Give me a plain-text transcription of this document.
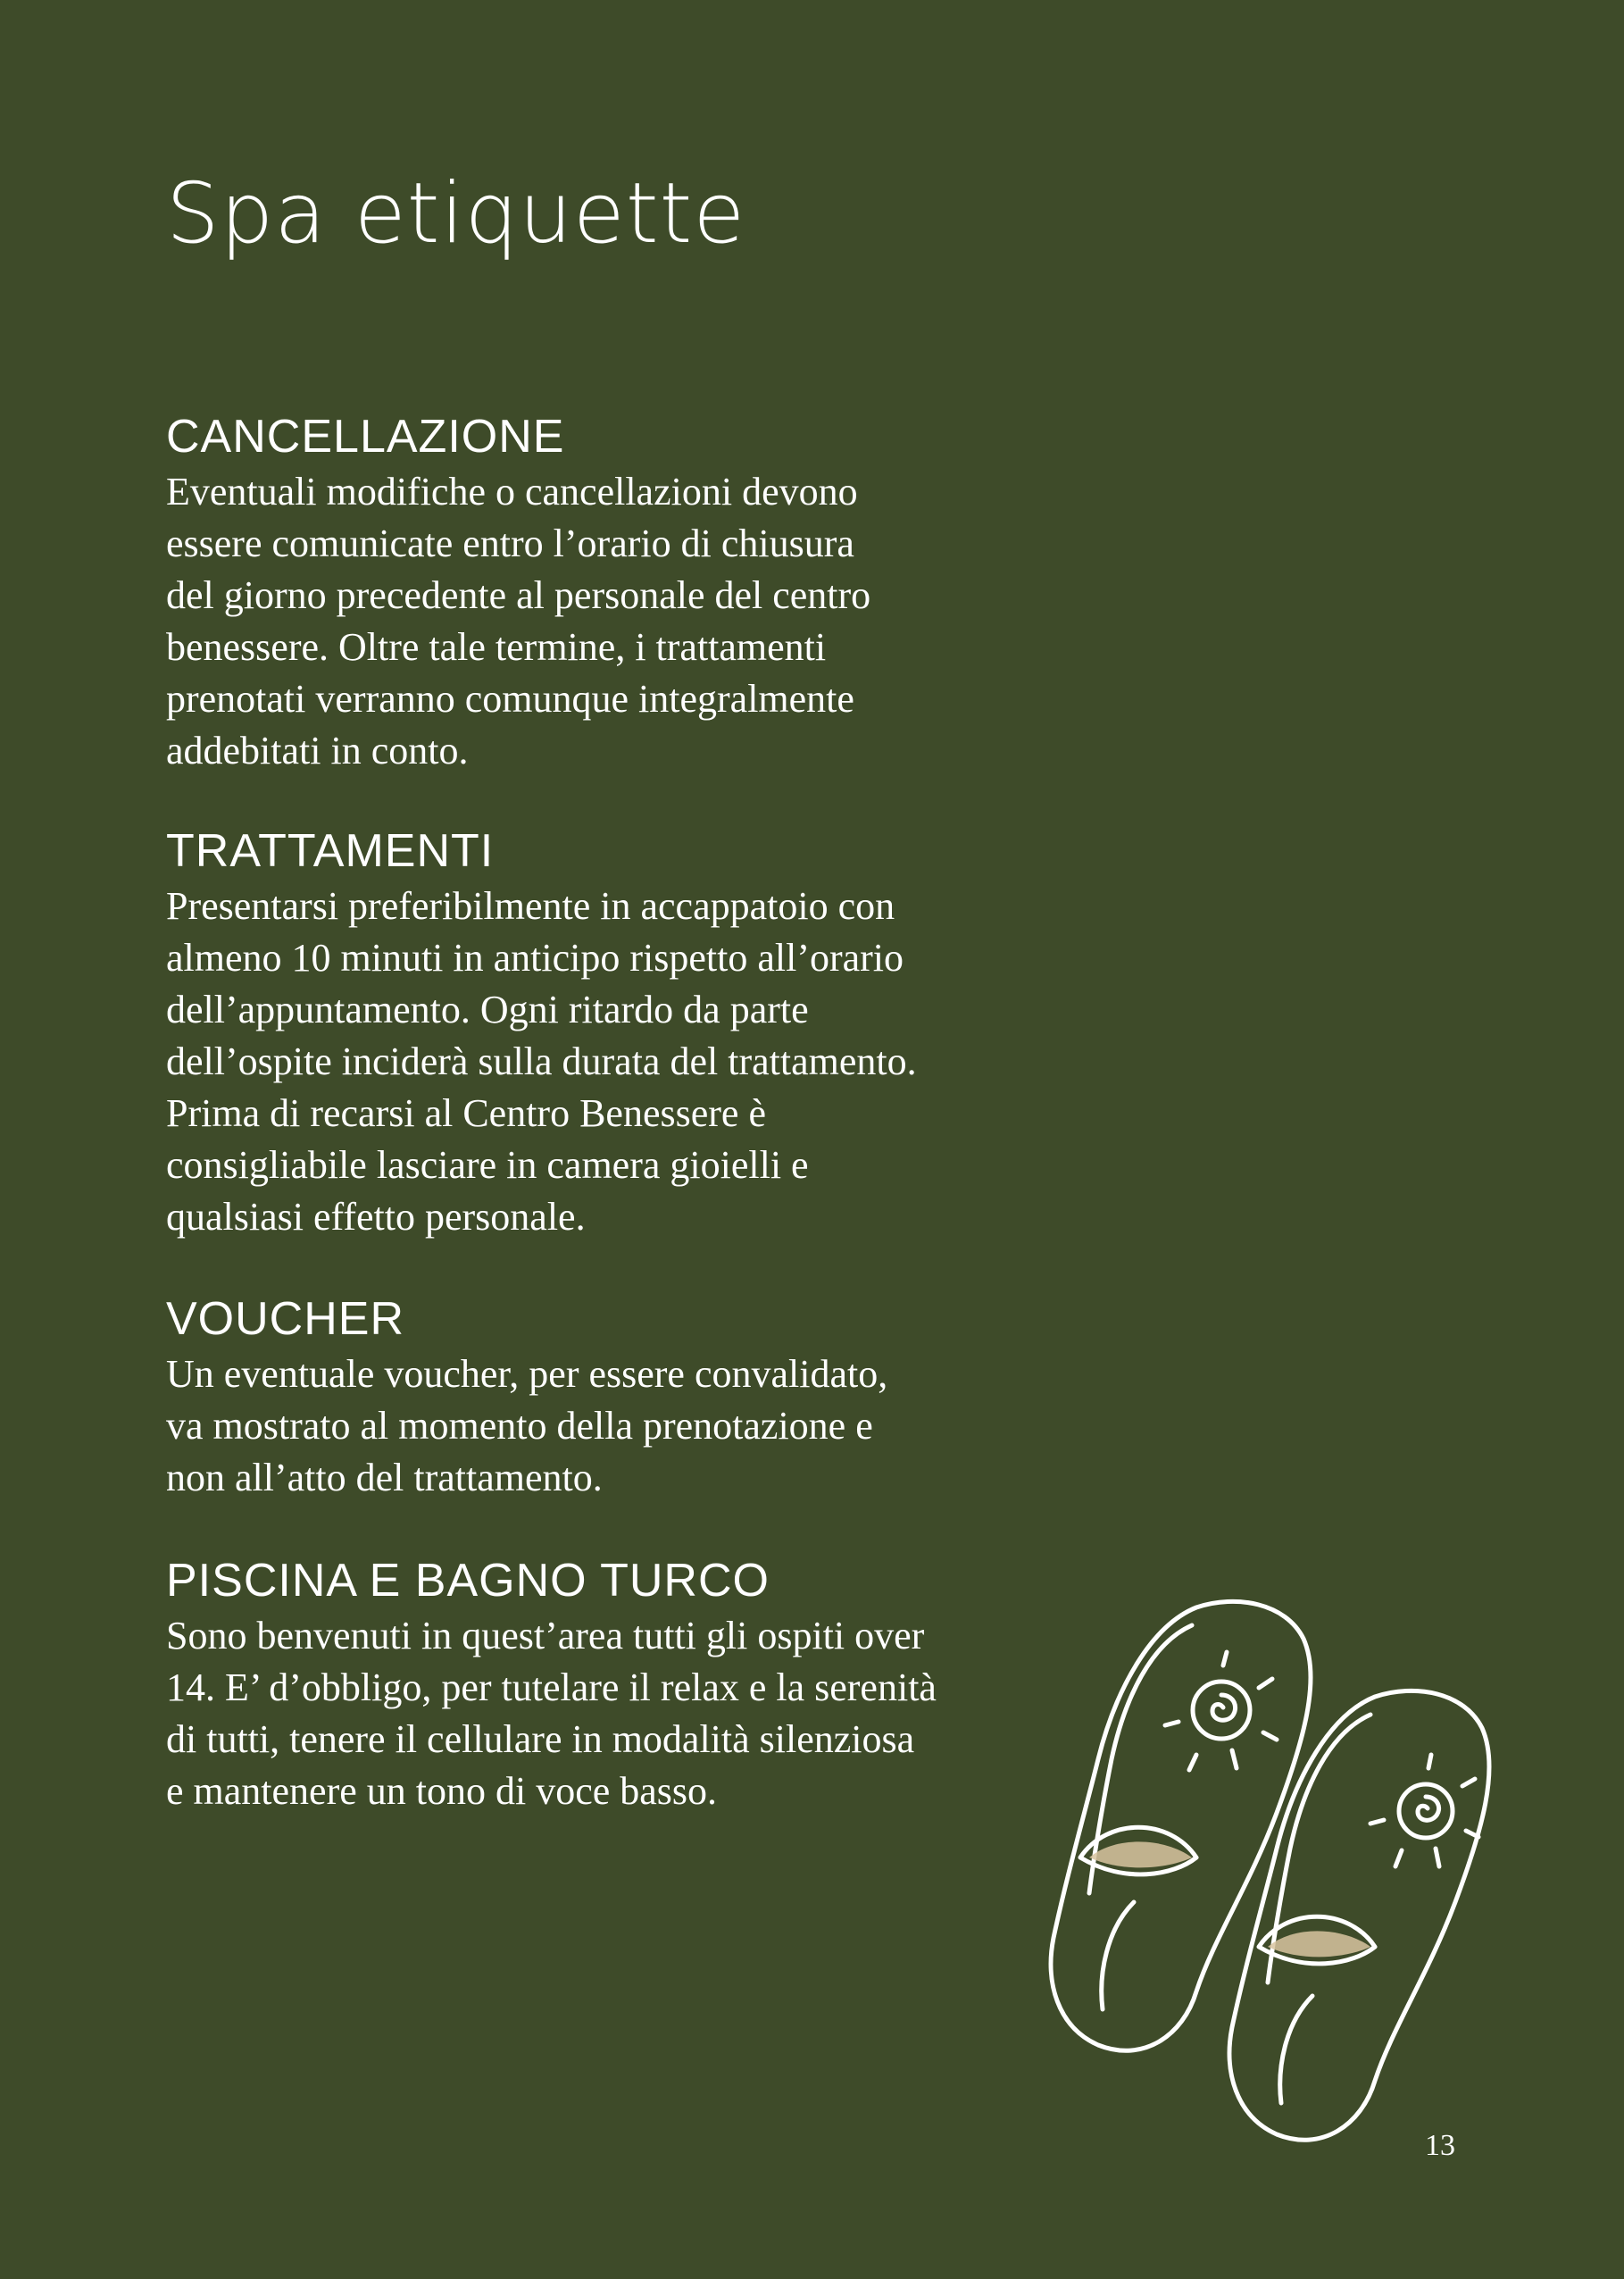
Spa etiquette
CANCELLAZIONE

Eventuali modifiche o cancellazioni devono
essere comunicate entro l’orario di chiusura
del giorno precedente al personale del centro
benessere. Oltre tale termine, i trattamenti
prenotati verranno comunque integralmente
addebitati in conto.

TRATTAMENTI

Presentarsi preferibilmente in accappatoio con
almeno 10 minuti in anticipo rispetto all’orario
dell’appuntamento. Ogni ritardo da parte
dell’ospite inciderà sulla durata del trattamento.
Prima di recarsi al Centro Benessere è
consigliabile lasciare in camera gioielli e
qualsiasi effetto personale.

VOUCHER

Un eventuale voucher, per essere convalidato,
va mostrato al momento della prenotazione e
non all’atto del trattamento.

PISCINA E BAGNO TURCO

Sono benvenuti in quest’area tutti gli ospiti over
14. E’ d’obbligo, per tutelare il relax e la serenità
di tutti, tenere il cellulare in modalità silenziosa
e mantenere un tono di voce basso.

13
